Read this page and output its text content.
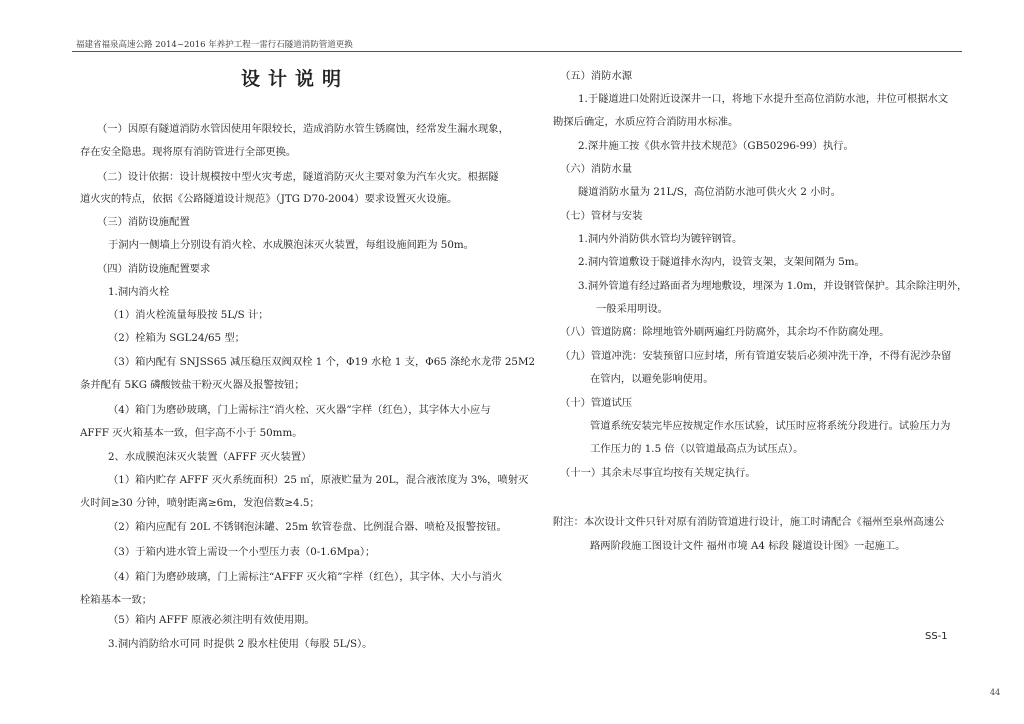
福建省福泉高速公路 2014~2016 年养护工程一雷行石隧道消防管道更换
设计说明
（一）因原有隧道消防水管因使用年限较长，造成消防水管生锈腐蚀，经常发生漏水现象，
存在安全隐患。现将原有消防管进行全部更换。
（二）设计依据：设计规模按中型火灾考虑，隧道消防灭火主要对象为汽车火灾。根据隧
道火灾的特点，依据《公路隧道设计规范》（JTG D70-2004）要求设置灭火设施。
（三）消防设施配置
于洞内一侧墙上分别设有消火栓、水成膜泡沫灭火装置，每组设施间距为 50m。
（四）消防设施配置要求
1.洞内消火栓
（1）消火栓流量每股按 5L/S 计；
（2）栓箱为 SGL24/65 型；
（3）箱内配有 SNJSS65 减压稳压双阀双栓 1 个，Φ19 水枪 1 支，Φ65 涤纶水龙带 25M2
条并配有 5KG 磷酸铵盐干粉灭火器及报警按钮；
（4）箱门为磨砂玻璃，门上需标注“消火栓、灭火器”字样（红色），其字体大小应与
AFFF 灭火箱基本一致，但字高不小于 50mm。
2、水成膜泡沫灭火装置（AFFF 灭火装置）
（1）箱内贮存 AFFF 灭火系统面积）25 ㎡，原液贮量为 20L，混合液浓度为 3%，喷射灭
火时间≥30 分钟，喷射距离≥6m，发泡倍数≥4.5；
（2）箱内应配有 20L 不锈钢泡沫罐、25m 软管卷盘、比例混合器、喷枪及报警按钮。
（3）于箱内进水管上需设一个小型压力表（0-1.6Mpa）；
（4）箱门为磨砂玻璃，门上需标注“AFFF 灭火箱”字样（红色），其字体、大小与消火
栓箱基本一致；
（5）箱内 AFFF 原液必须注明有效使用期。
3.洞内消防给水可同 时提供 2 股水柱使用（每股 5L/S）。
（五）消防水源
1.于隧道进口处附近设深井一口，将地下水提升至高位消防水池，井位可根据水文
勘探后确定，水质应符合消防用水标准。
2.深井施工按《供水管井技术规范》（GB50296-99）执行。
（六）消防水量
隧道消防水量为 21L/S，高位消防水池可供火火 2 小时。
（七）管材与安装
1.洞内外消防供水管均为镀锌钢管。
2.洞内管道敷设于隧道排水沟内，设管支架，支架间隔为 5m。
3.洞外管道有经过路面者为埋地敷设，埋深为 1.0m，并设钢管保护。其余除注明外，
一般采用明设。
（八）管道防腐：除埋地管外刷两遍红丹防腐外，其余均不作防腐处理。
（九）管道冲洗：安装预留口应封堵，所有管道安装后必须冲洗干净，不得有泥沙杂留
在管内，以避免影响使用。
（十）管道试压
管道系统安装完毕应按规定作水压试验，试压时应将系统分段进行。试验压力为
工作压力的 1.5 倍（以管道最高点为试压点）。
（十一）其余未尽事宜均按有关规定执行。
附注：本次设计文件只针对原有消防管道进行设计，施工时请配合《福州至泉州高速公
路两阶段施工图设计文件 福州市境 A4 标段 隧道设计图》一起施工。
SS-1
44
